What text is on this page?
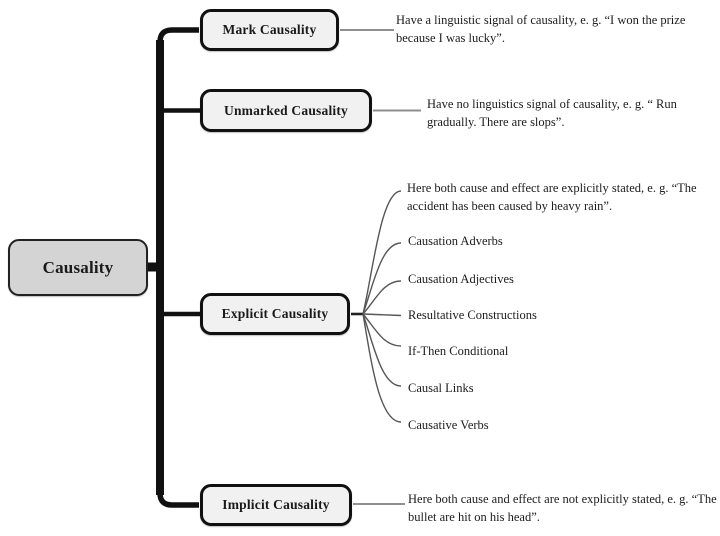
Causality
Mark Causality
Unmarked Causality
Explicit Causality
Implicit Causality
Have a linguistic signal of causality, e. g. “I won the prize because I was lucky”.
Have no linguistics signal of causality, e. g. “ Run gradually. There are slops”.
Here both cause and effect are explicitly stated, e. g. “The accident has been caused by heavy rain”.
Here both cause and effect are not explicitly stated, e. g. “The bullet are hit on his head”.
Causation Adverbs
Causation Adjectives
Resultative Constructions
If-Then Conditional
Causal Links
Causative Verbs
